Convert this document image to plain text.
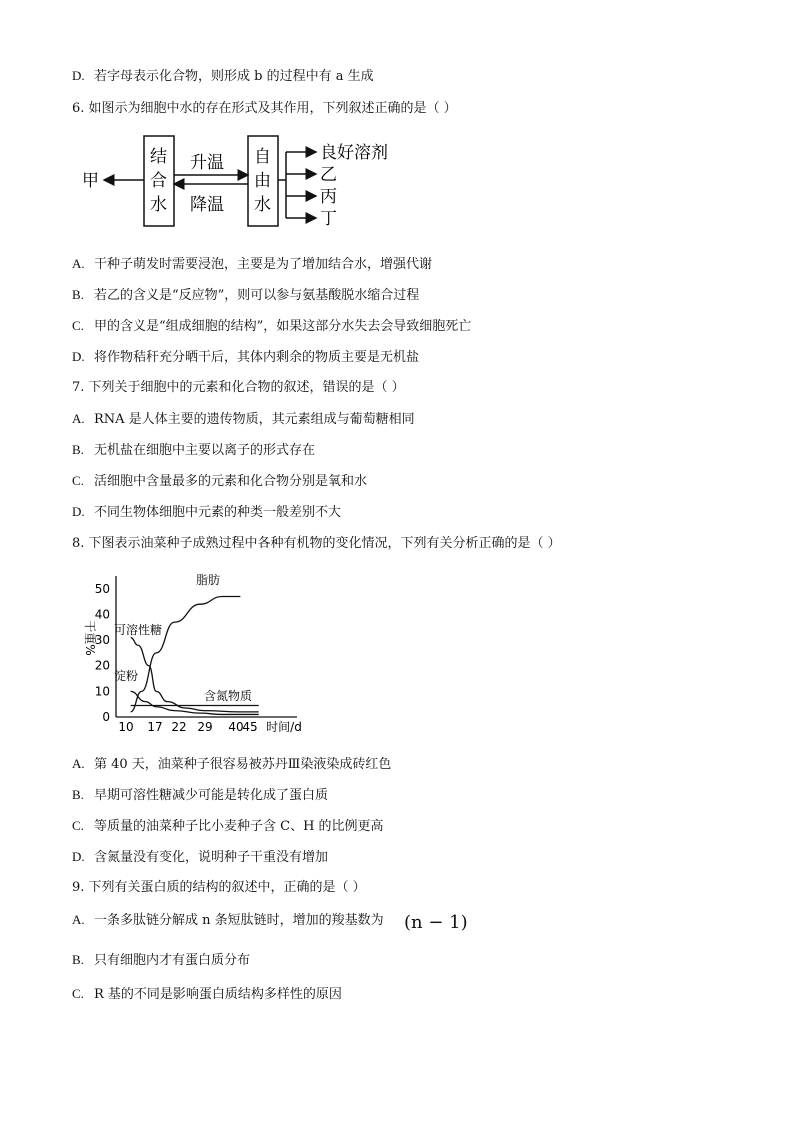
D. 若字母表示化合物，则形成 b 的过程中有 a 生成
6. 如图示为细胞中水的存在形式及其作用，下列叙述正确的是（ ）
A. 干种子萌发时需要浸泡，主要是为了增加结合水，增强代谢
B. 若乙的含义是“反应物”，则可以参与氨基酸脱水缩合过程
C. 甲的含义是“组成细胞的结构”，如果这部分水失去会导致细胞死亡
D. 将作物秸秆充分晒干后，其体内剩余的物质主要是无机盐
7. 下列关于细胞中的元素和化合物的叙述，错误的是（ ）
A. RNA 是人体主要的遗传物质，其元素组成与葡萄糖相同
B. 无机盐在细胞中主要以离子的形式存在
C. 活细胞中含量最多的元素和化合物分别是氧和水
D. 不同生物体细胞中元素的种类一般差别不大
8. 下图表示油菜种子成熟过程中各种有机物的变化情况，下列有关分析正确的是（ ）
A. 第 40 天，油菜种子很容易被苏丹Ⅲ染液染成砖红色
B. 早期可溶性糖减少可能是转化成了蛋白质
C. 等质量的油菜种子比小麦种子含 C、H 的比例更高
D. 含氮量没有变化，说明种子干重没有增加
9. 下列有关蛋白质的结构的叙述中，正确的是（ ）
A. 一条多肽链分解成 n 条短肽链时，增加的羧基数为
B. 只有细胞内才有蛋白质分布
C. R 基的不同是影响蛋白质结构多样性的原因
(n − 1)
甲
结
合
水
升温
降温
自
由
水
良好溶剂
乙
丙
丁
0
10
20
30
40
50
10 17 22 29 40
45 时间/d
干重%
脂肪
可溶性糖
淀粉
含氮物质
